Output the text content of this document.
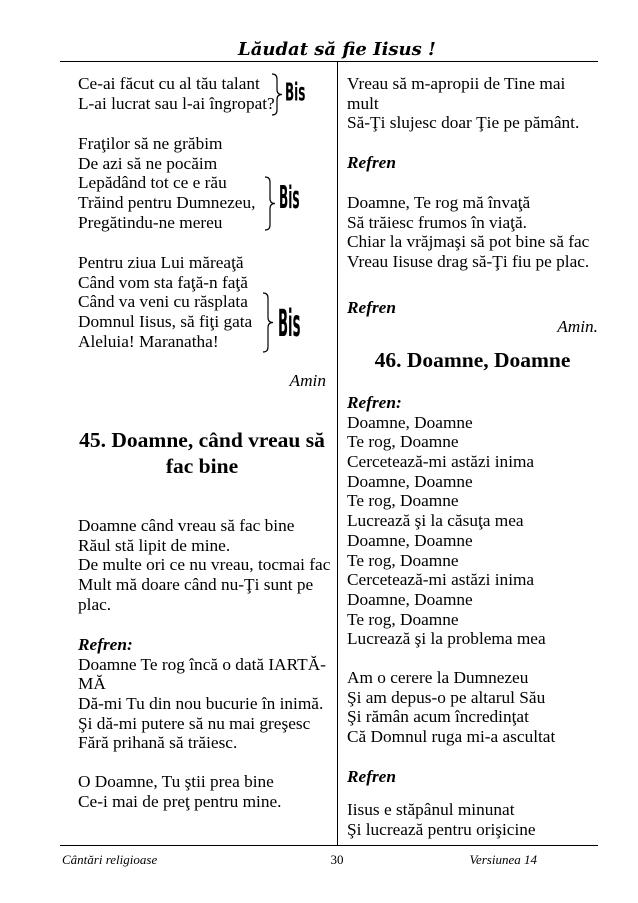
Lăudat să fie Iisus !
Ce-ai făcut cu al tău talant
L-ai lucrat sau l-ai îngropat? Bis
Fraţilor să ne grăbim
De azi să ne pocăim
Lepădând tot ce e rău
Trăind pentru Dumnezeu,
Pregătindu-ne mereu
Bis
Pentru ziua Lui măreaţă
Când vom sta faţă-n faţă
Când va veni cu răsplata
Domnul Iisus, să fiţi gata
Aleluia! Maranatha!	Bis
Amin
45. Doamne, când vreau să
fac bine
Doamne când vreau să fac bine
Răul stă lipit de mine.
De multe ori ce nu vreau, tocmai fac
Mult mă doare când nu-Ţi sunt pe
plac.
Refren:
Doamne Te rog încă o dată IARTĂ-
MĂ
Dă-mi Tu din nou bucurie în inimă.
Şi dă-mi putere să nu mai greşesc
Fără prihană să trăiesc.
O Doamne, Tu ştii prea bine
Ce-i mai de preţ pentru mine.
Vreau să m-apropii de Tine mai
mult
Să-Ţi slujesc doar Ţie pe pământ.
Refren
Doamne, Te rog mă învaţă
Să trăiesc frumos în viaţă.
Chiar la vrăjmaşi să pot bine să fac
Vreau Iisuse drag să-Ţi fiu pe plac.
Refren
Amin.
46. Doamne, Doamne
Refren:
Doamne, Doamne
Te rog, Doamne
Cercetează-mi astăzi inima
Doamne, Doamne
Te rog, Doamne
Lucrează şi la căsuţa mea
Doamne, Doamne
Te rog, Doamne
Cercetează-mi astăzi inima
Doamne, Doamne
Te rog, Doamne
Lucrează şi la problema mea
Am o cerere la Dumnezeu
Şi am depus-o pe altarul Său
Şi rămân acum încredinţat
Că Domnul ruga mi-a ascultat
Refren
Iisus e stăpânul minunat
Şi lucrează pentru orişicine
Cântări religioase	30	Versiunea 14
